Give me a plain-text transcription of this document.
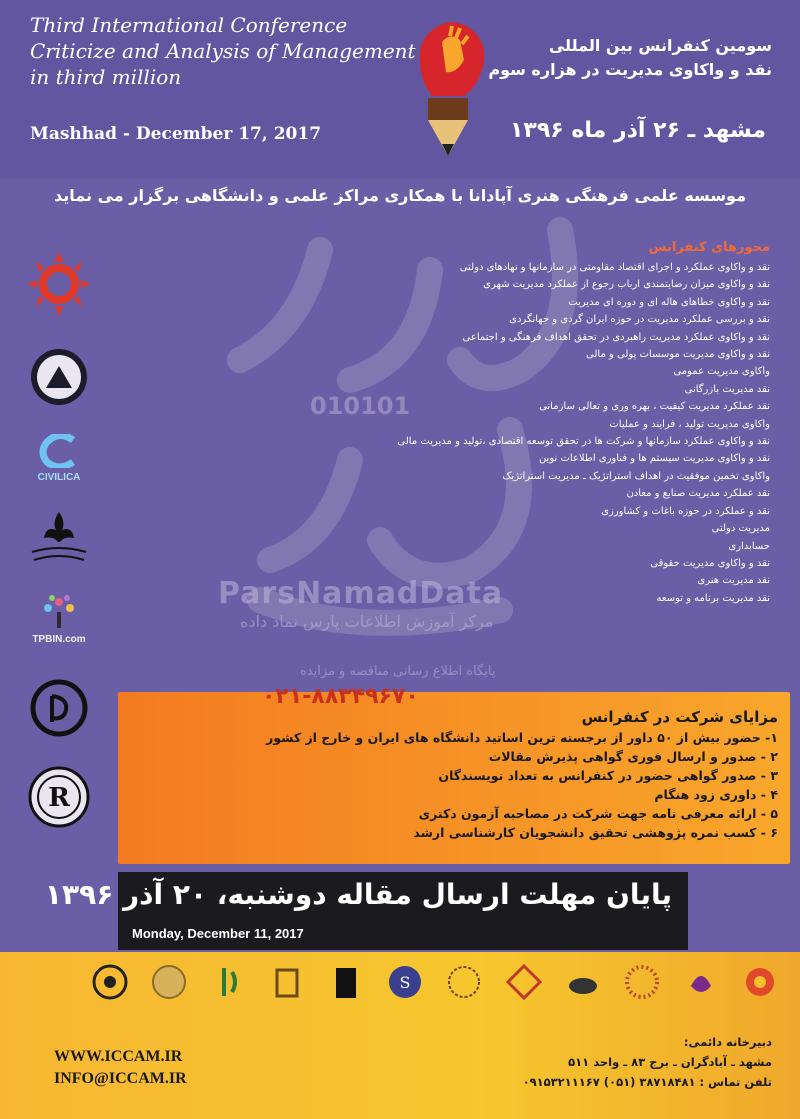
Third International Conference
Criticize and Analysis of Management
in third million
سومین کنفرانس بین المللی
نقد و واکاوی مدیریت در هزاره سوم
Mashhad - December 17, 2017	مشهد ـ ۲۶ آذر ماه ۱۳۹۶
موسسه علمی فرهنگی هنری آپادانا با همکاری مراکز علمی و دانشگاهی برگزار می نماید
010101
ParsNamadData
مرکز آموزش اطلاعات پارس نماد داده
پایگاه اطلاع رسانی مناقصه و مزایده
محورهای کنفرانس
نقد و واکاوی عملکرد و اجرای اقتصاد مقاومتی در سازمانها و نهادهای دولتی
نقد و واکاوی میزان رضایتمندی ارباب رجوع از عملکرد مدیریت شهری
نقد و واکاوی خطاهای هاله ای و دوره ای مدیریت
نقد و بررسی عملکرد مدیریت در حوزه ایران گردی و جهانگردی
نقد و واکاوی عملکرد مدیریت راهبردی در تحقق اهداف فرهنگی و اجتماعی
نقد و واکاوی مدیریت موسسات پولی و مالی
واکاوی مدیریت عمومی
نقد مدیریت بازرگانی
نقد عملکرد مدیریت کیفیت ، بهره وری و تعالی سازمانی
واکاوی مدیریت تولید ، فرایند و عملیات
نقد و واکاوی عملکرد سازمانها و شرکت ها در تحقق توسعه اقتصادی ،تولید و مدیریت مالی
نقد و واکاوی مدیریت سیستم ها و فناوری اطلاعات نوین
واکاوی تخمین موفقیت در اهداف استراتژیک ـ مدیریت استراتژیک
نقد عملکرد مدیریت صنایع و معادن
نقد و عملکرد در حوزه باغات و کشاورزی
مدیریت دولتی
حسابداری
نقد و واکاوی مدیریت حقوقی
نقد مدیریت هنری
نقد مدیریت برنامه و توسعه
CIVILICA
TPBIN.com
R
مزایای شرکت در کنفرانس
۱- حضور بیش از ۵۰ داور از برجسته ترین اساتید دانشگاه های ایران و خارج از کشور
۲ - صدور و ارسال فوری گواهی پذیرش مقالات
۳ - صدور گواهی حضور در کنفرانس به تعداد نویسندگان
۴ - داوری زود هنگام
۵ - ارائه معرفی نامه جهت شرکت در مصاحبه آزمون دکتری
۶ - کسب نمره پژوهشی تحقیق دانشجویان کارشناسی ارشد
۰۲۱-۸۸۳۴۹۶۷۰
پایان مهلت ارسال مقاله دوشنبه، ۲۰ آذر ۱۳۹۶
Monday, December 11, 2017
S
WWW.ICCAM.IR
INFO@ICCAM.IR
دبیرخانه دائمی:
مشهد ـ آبادگران ـ برج ۸۳ ـ واحد ۵۱۱
تلفن تماس : ۳۸۷۱۸۴۸۱ (۰۵۱) ۰۹۱۵۳۲۱۱۱۶۷
